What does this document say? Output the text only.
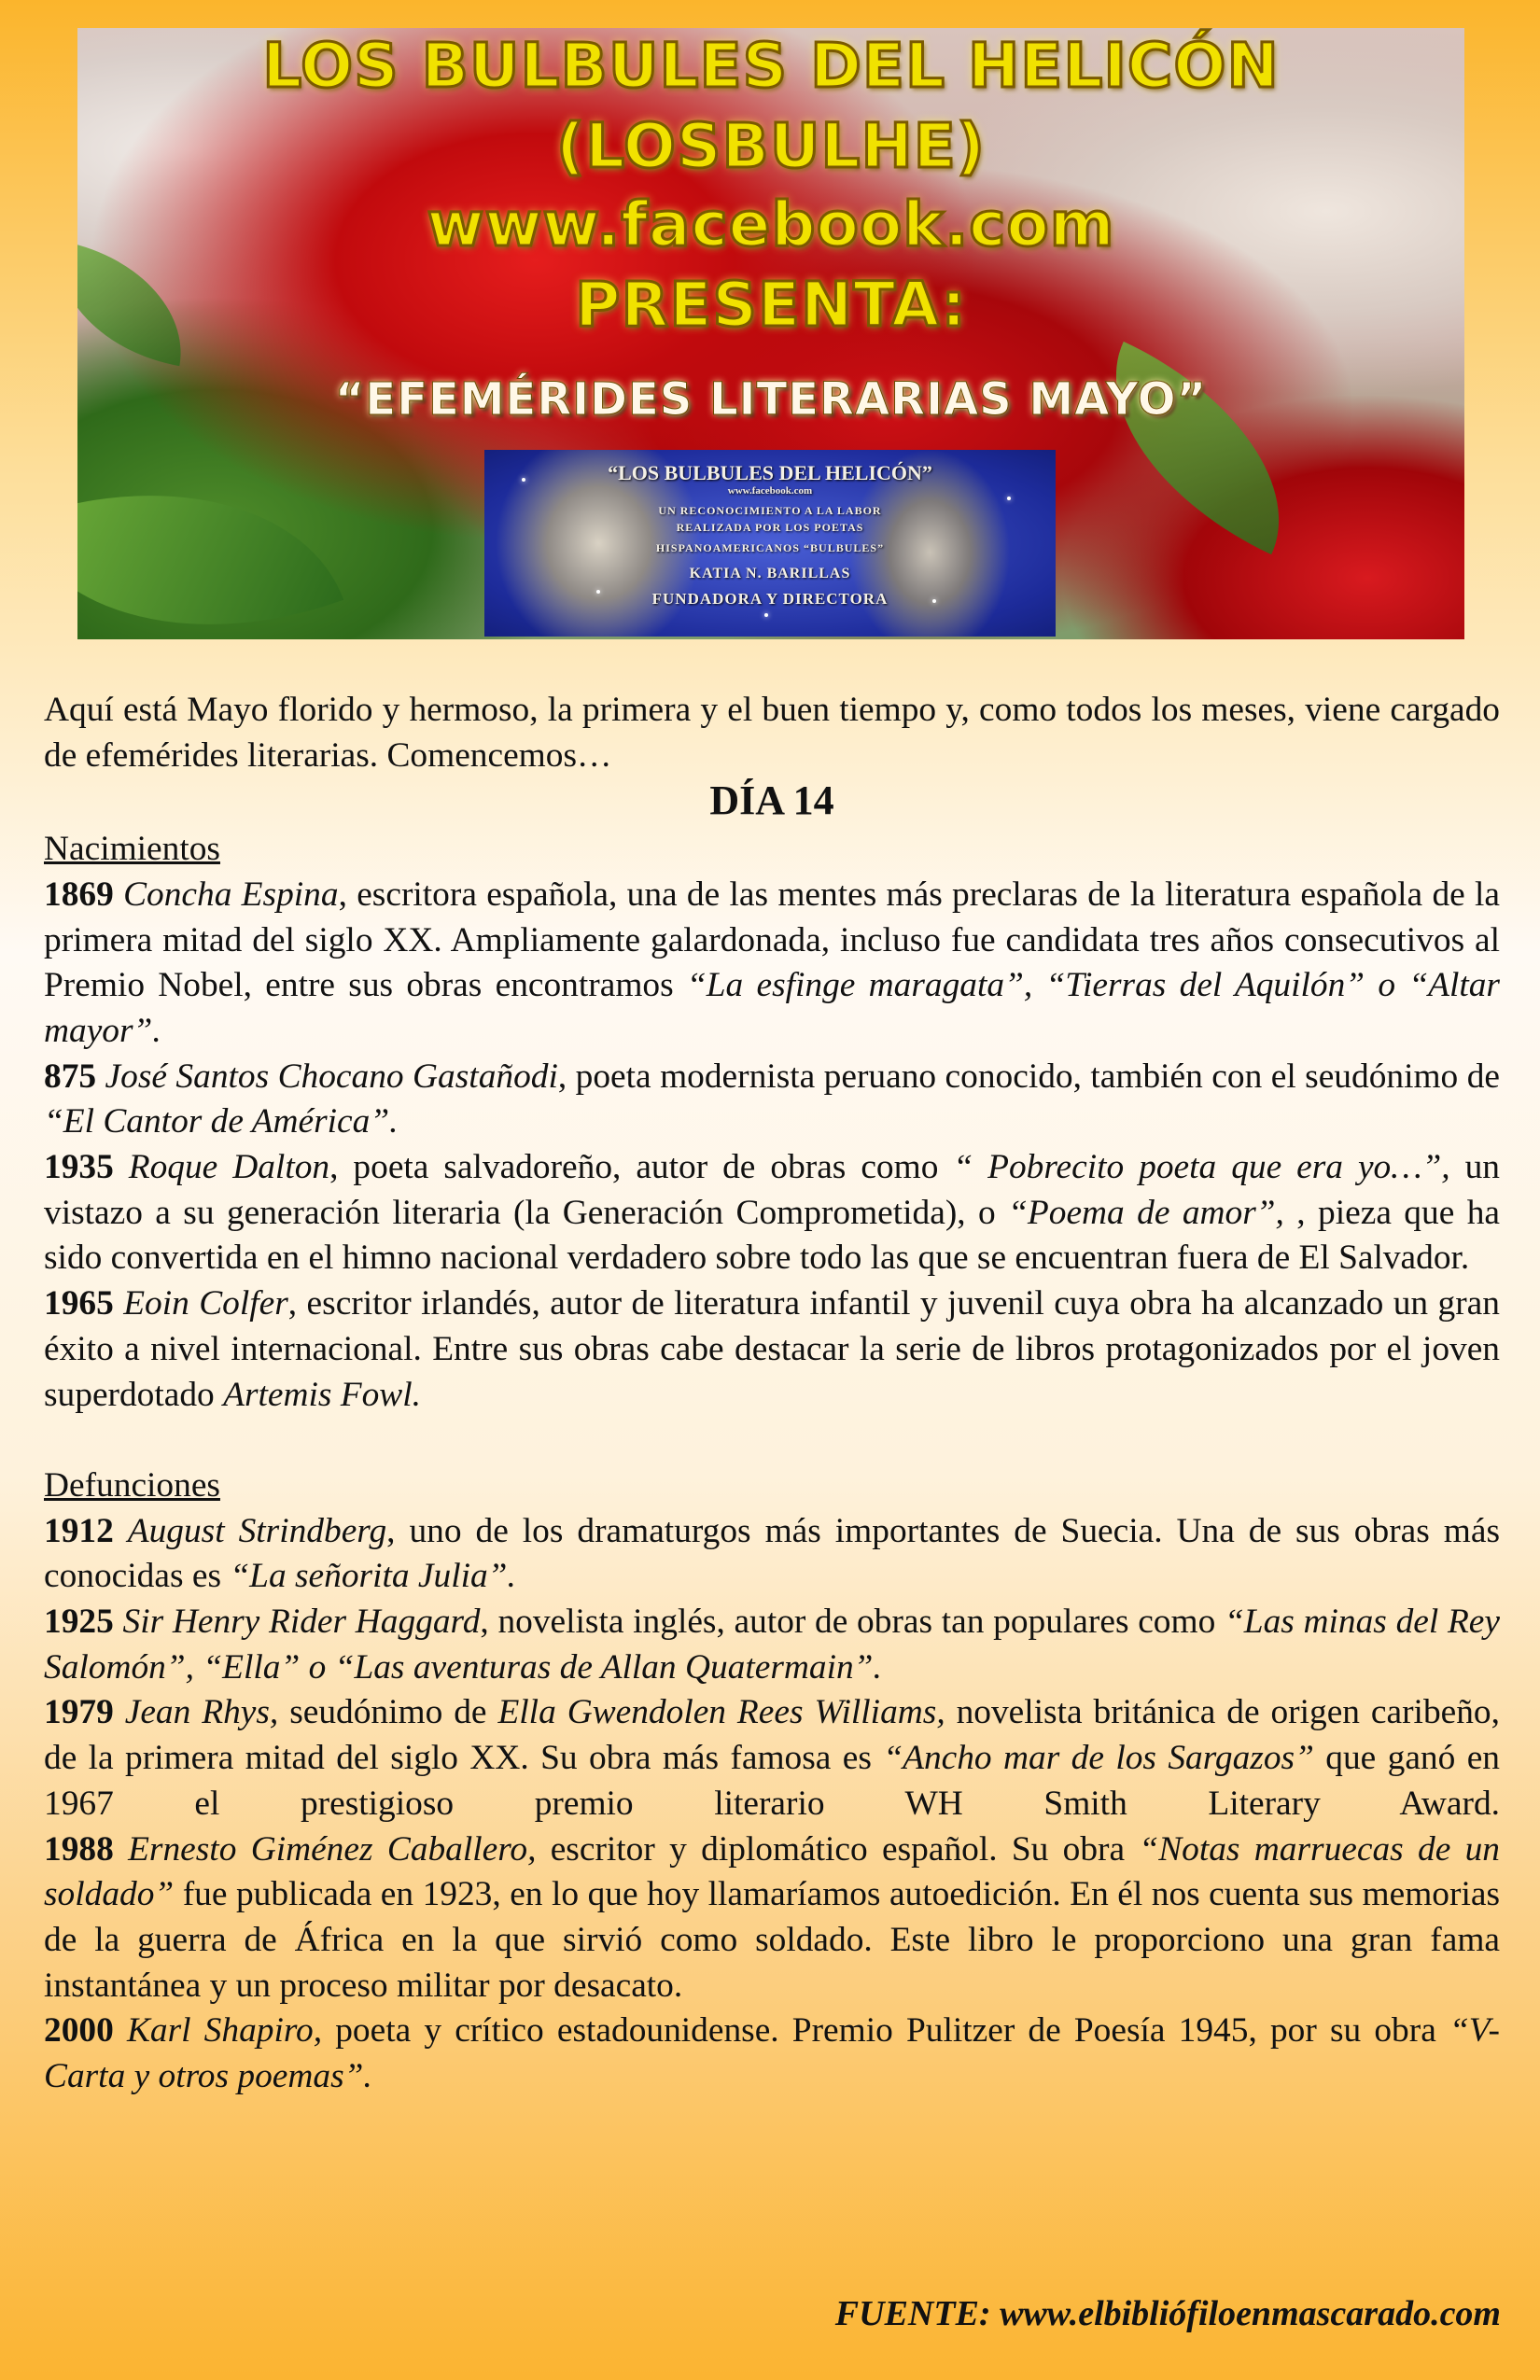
LOS BULBULES DEL HELICÓN

(LOSBULHE)

www.facebook.com

PRESENTA:

“EFEMÉRIDES LITERARIAS MAYO”

“LOS BULBULES DEL HELICÓN”

www.facebook.com

UN RECONOCIMIENTO A LA LABOR

REALIZADA POR LOS POETAS

HISPANOAMERICANOS “BULBULES”

KATIA N. BARILLAS

FUNDADORA Y DIRECTORA

Aquí está Mayo florido y hermoso, la primera y el buen tiempo y, como todos los meses, viene cargado de efemérides literarias. Comencemos…

DÍA 14

Nacimientos

1869 Concha Espina, escritora española, una de las mentes más preclaras de la literatura española de la primera mitad del siglo XX. Ampliamente galardonada, incluso fue candidata tres años consecutivos al Premio Nobel, entre sus obras encontramos “La esfinge maragata”, “Tierras del Aquilón” o “Altar mayor”.

875 José Santos Chocano Gastañodi, poeta modernista peruano conocido, también con el seudónimo de “El Cantor de América”.

1935 Roque Dalton, poeta salvadoreño, autor de obras como “ Pobrecito poeta que era yo…”, un vistazo a su generación literaria (la Generación Comprometida), o “Poema de amor”, , pieza que ha sido convertida en el himno nacional verdadero sobre todo las que se encuentran fuera de El Salvador.

1965 Eoin Colfer, escritor irlandés, autor de literatura infantil y juvenil cuya obra ha alcanzado un gran éxito a nivel internacional. Entre sus obras cabe destacar la serie de libros protagonizados por el joven superdotado Artemis Fowl.

Defunciones

1912 August Strindberg, uno de los dramaturgos más importantes de Suecia. Una de sus obras más conocidas es “La señorita Julia”.

1925 Sir Henry Rider Haggard, novelista inglés, autor de obras tan populares como “Las minas del Rey Salomón”, “Ella” o “Las aventuras de Allan Quatermain”.

1979 Jean Rhys, seudónimo de Ella Gwendolen Rees Williams, novelista británica de origen caribeño, de la primera mitad del siglo XX. Su obra más famosa es “Ancho mar de los Sargazos” que ganó en 1967 el prestigioso premio literario WH Smith Literary Award.

1988 Ernesto Giménez Caballero, escritor y diplomático español. Su obra “Notas marruecas de un soldado” fue publicada en 1923, en lo que hoy llamaríamos autoedición. En él nos cuenta sus memorias de la guerra de África en la que sirvió como soldado. Este libro le proporciono una gran fama instantánea y un proceso militar por desacato.

2000 Karl Shapiro, poeta y crítico estadounidense. Premio Pulitzer de Poesía 1945, por su obra “V-Carta y otros poemas”.

FUENTE: www.elbibliófiloenmascarado.com
